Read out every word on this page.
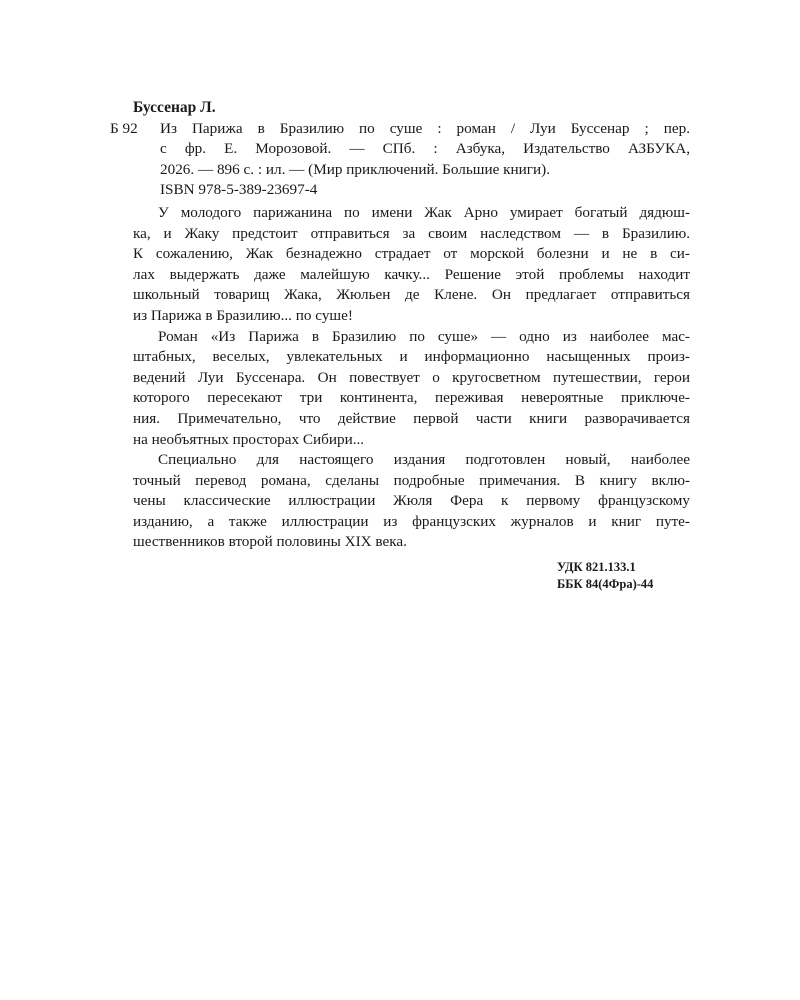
Буссенар Л.
Б 92 Из Парижа в Бразилию по суше : роман / Луи Буссенар ; пер.
с фр. Е. Морозовой. — СПб. : Азбука, Издательство АЗБУКА,
2026. — 896 с. : ил. — (Мир приключений. Большие книги).
ISBN 978-5-389-23697-4

У молодого парижанина по имени Жак Арно умирает богатый дядюш-
ка, и Жаку предстоит отправиться за своим наследством — в Бразилию.
К сожалению, Жак безнадежно страдает от морской болезни и не в си-
лах выдержать даже малейшую качку... Решение этой проблемы находит
школьный товарищ Жака, Жюльен де Клене. Он предлагает отправиться
из Парижа в Бразилию... по суше!

Роман «Из Парижа в Бразилию по суше» — одно из наиболее мас-
штабных, веселых, увлекательных и информационно насыщенных произ-
ведений Луи Буссенара. Он повествует о кругосветном путешествии, герои
которого пересекают три континента, переживая невероятные приключе-
ния. Примечательно, что действие первой части книги разворачивается
на необъятных просторах Сибири...

Специально для настоящего издания подготовлен новый, наиболее
точный перевод романа, сделаны подробные примечания. В книгу вклю-
чены классические иллюстрации Жюля Фера к первому французскому
изданию, а также иллюстрации из французских журналов и книг путе-
шественников второй половины XIX века.

УДК 821.133.1
ББК 84(4Фра)-44
